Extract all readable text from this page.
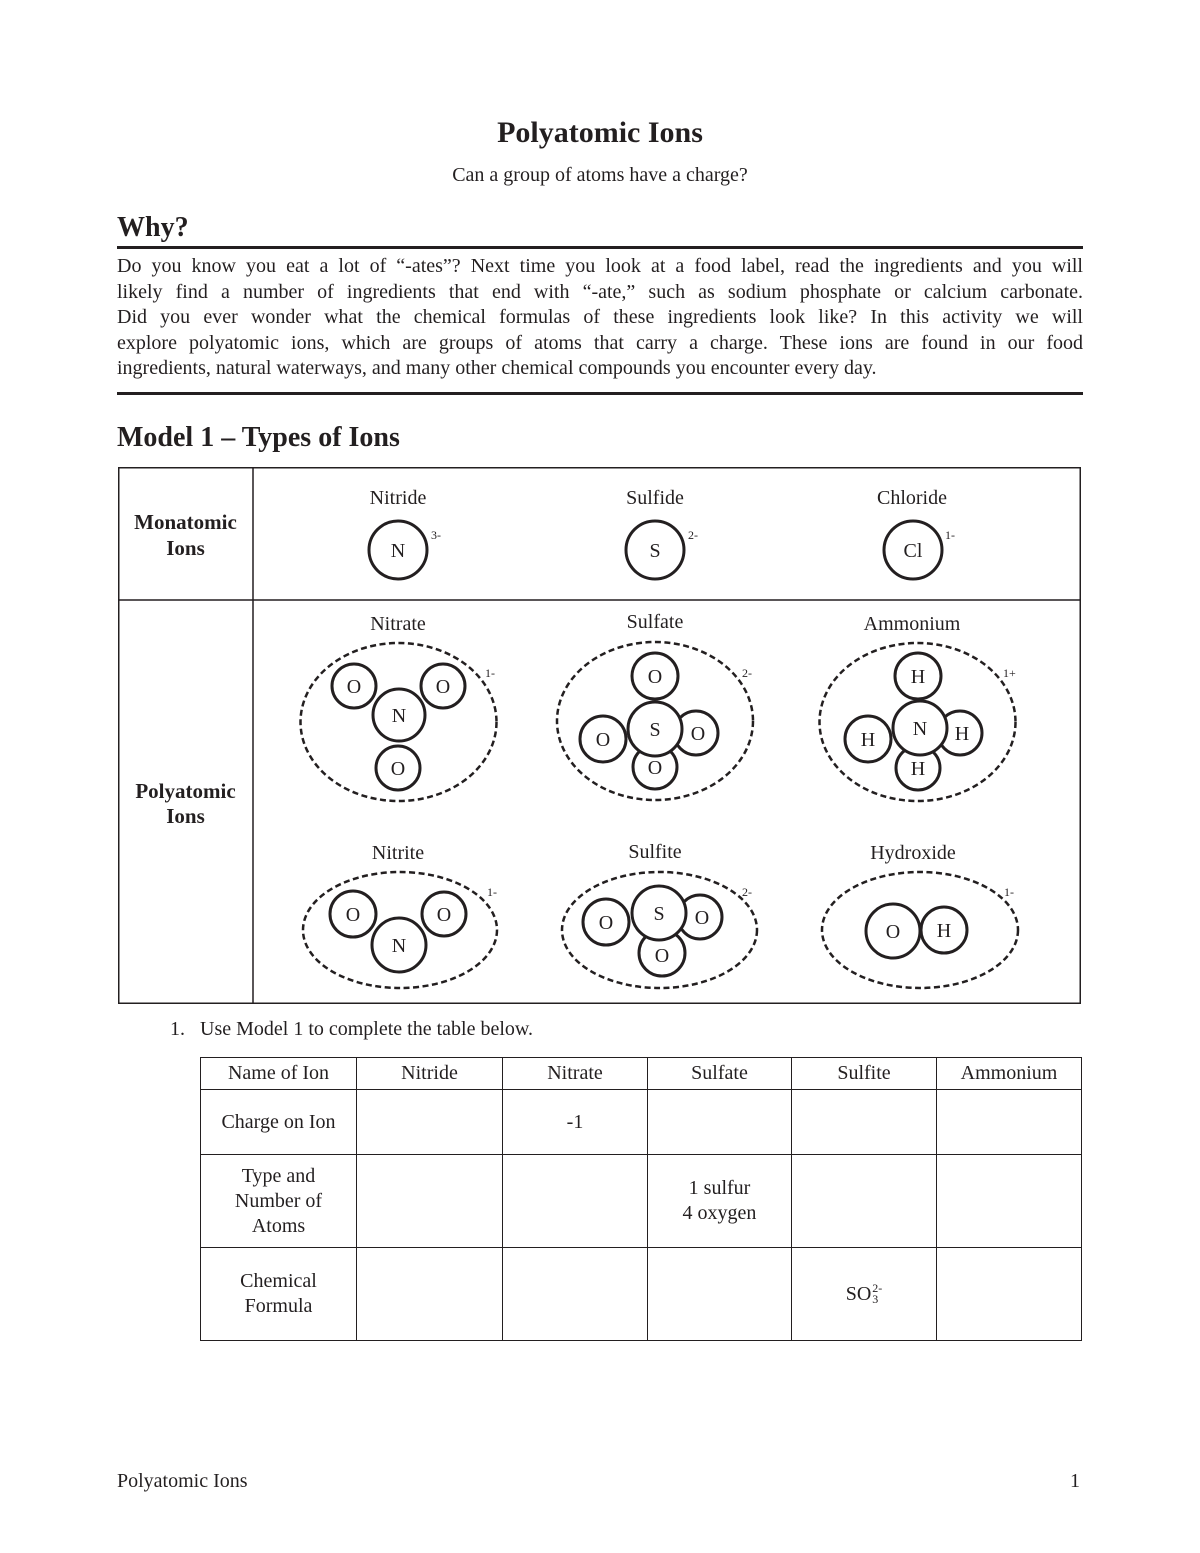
Polyatomic Ions
Can a group of atoms have a charge?
Why?
Do you know you eat a lot of “-ates”? Next time you look at a food label, read the ingredients and you will
likely find a number of ingredients that end with “-ate,” such as sodium phosphate or calcium carbonate.
Did you ever wonder what the chemical formulas of these ingredients look like? In this activity we will
explore polyatomic ions, which are groups of atoms that carry a charge. These ions are found in our food
ingredients, natural waterways, and many other chemical compounds you encounter every day.
Model 1 – Types of Ions
Monatomic
Ions
Polyatomic
Ions
Nitride
N
3-
Sulfide
S
2-
Chloride
Cl
1-
Nitrate
O	O
N
O
1-
Sulfate
O
O	O
O
S
2-
Ammonium
H
H	H
H
N
1+
Nitrite
O	O
N
1-
Sulfite
O	O
O
S
2-
Hydroxide
O H
1-
1. Use Model 1 to complete the table below.
Name of Ion	Nitride	Nitrate	Sulfate	Sulfite	Ammonium

Charge on Ion		-1			

Type and
Number of
Atoms			1 sulfur
4 oxygen		

Chemical
Formula				SO 2-
3	

Polyatomic Ions	1
